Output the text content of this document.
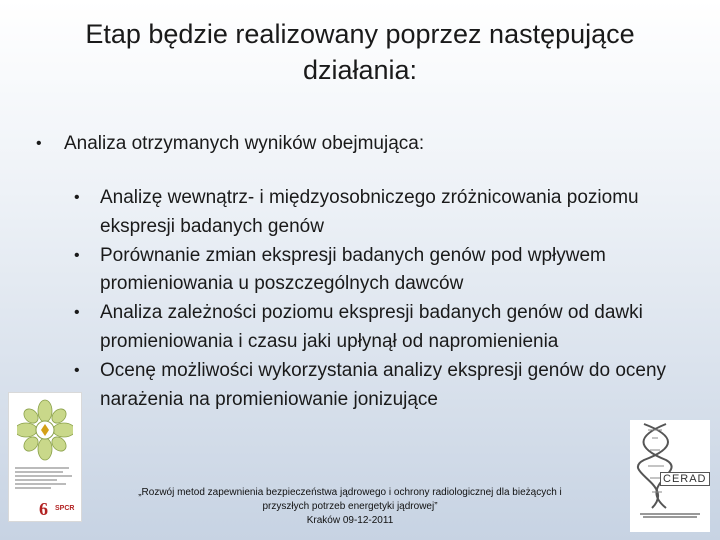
Etap będzie realizowany poprzez następujące działania:
• Analiza otrzymanych wyników obejmująca:
• Analizę wewnątrz- i międzyosobniczego zróżnicowania poziomu ekspresji badanych genów
• Porównanie zmian ekspresji badanych genów pod wpływem promieniowania u poszczególnych dawców
• Analiza zależności poziomu ekspresji badanych genów od dawki promieniowania i czasu jaki upłynął od napromienienia
• Ocenę możliwości wykorzystania analizy ekspresji genów do oceny narażenia na promieniowanie jonizujące
6 SPCR
„Rozwój metod zapewnienia bezpieczeństwa jądrowego i ochrony radiologicznej dla bieżących i
przyszłych potrzeb energetyki jądrowej”
Kraków 09-12-2011
CERAD
